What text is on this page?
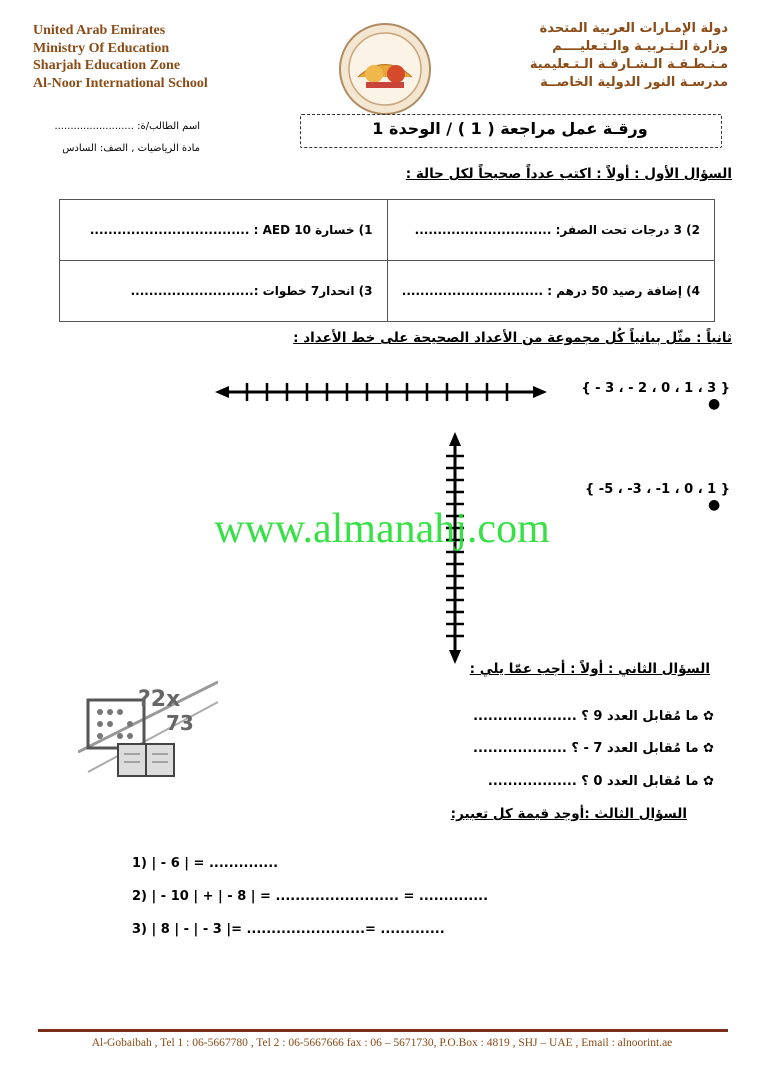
United Arab Emirates
Ministry Of Education
Sharjah Education Zone
Al-Noor International School
دولة الإمـارات العربية المتحدة
وزارة الـتـربيـة والـتـعليــــم
مـنـطـقـة الـشـارقـة الـتـعليمية
مدرسـة النور الدولية الخاصــة
اسم الطالب/ة: .........................
مادة الرياضيات , الصف: السادس
ورقـة عمل مراجعة ( 1 ) / الوحدة 1
السؤال الأول : أولاً : اكتب عدداً صحيحاً لكل حالة :
1) خسارة 10 AED : ...................................	2) 3 درجات تحت الصفر: ..............................
3) انحدار7 خطوات :...........................	4) إضافة رصيد 50 درهم : ...............................
ثانياً : مثّل بيانياً كُل مجموعة من الأعداد الصحيحة على خط الأعداد :
{ 3 ، 1 ، 0 ، 2 - ، 3 - }   ●
{ 1 ، 0 ، 1- ، 3- ، 5- }   ●
www.almanahj.com
السؤال الثاني : أولاً : أجب عمّا يلي :
?2x
73	✿ ما مُقابل العدد 9 ؟ .....................
✿ ما مُقابل العدد 7 - ؟ ...................
✿ ما مُقابل العدد 0 ؟ ..................
السؤال الثالث :أوجد قيمة كل تعبير:
1) | - 6 | = ..............
2) | - 10 | + | - 8 | = ......................... = ..............
3) | 8 | - | - 3 |= ........................= .............
Al-Gobaibah , Tel 1 : 06-5667780 , Tel 2 : 06-5667666 fax : 06 – 5671730, P.O.Box : 4819 , SHJ – UAE , Email : alnoorint.ae
